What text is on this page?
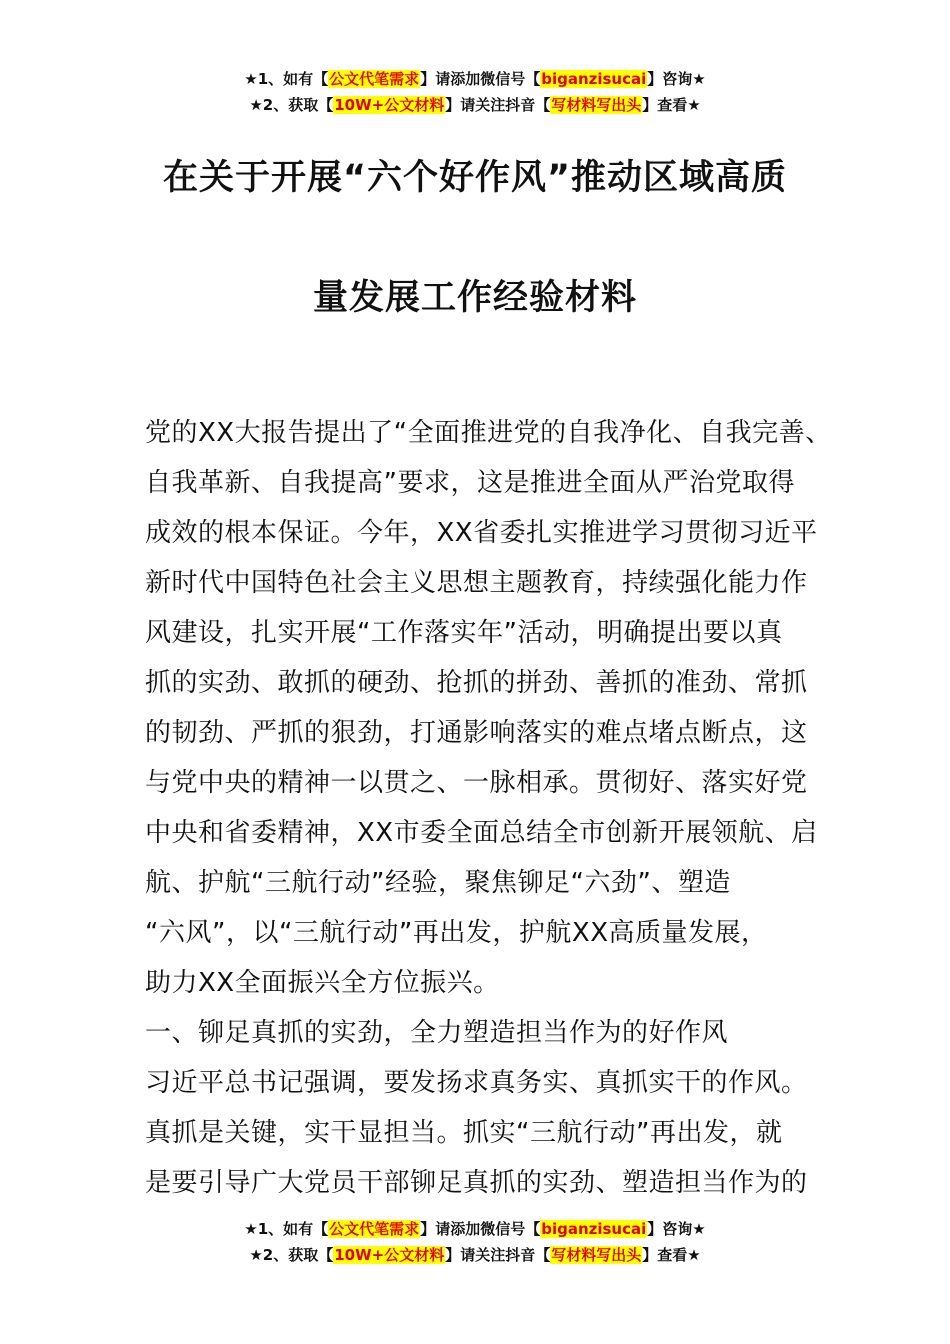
★1、如有【公文代笔需求】请添加微信号【biganzisucai】咨询★
★2、获取【10W+公文材料】请关注抖音【写材料写出头】查看★
在关于开展“六个好作风”推动区域高质
量发展工作经验材料

党的XX大报告提出了“全面推进党的自我净化、自我完善、

自我革新、自我提高”要求，这是推进全面从严治党取得

成效的根本保证。今年，XX省委扎实推进学习贯彻习近平

新时代中国特色社会主义思想主题教育，持续强化能力作

风建设，扎实开展“工作落实年”活动，明确提出要以真

抓的实劲、敢抓的硬劲、抢抓的拼劲、善抓的准劲、常抓

的韧劲、严抓的狠劲，打通影响落实的难点堵点断点，这

与党中央的精神一以贯之、一脉相承。贯彻好、落实好党

中央和省委精神，XX市委全面总结全市创新开展领航、启

航、护航“三航行动”经验，聚焦铆足“六劲”、塑造

“六风”，以“三航行动”再出发，护航XX高质量发展，

助力XX全面振兴全方位振兴。

一、铆足真抓的实劲，全力塑造担当作为的好作风

习近平总书记强调，要发扬求真务实、真抓实干的作风。

真抓是关键，实干显担当。抓实“三航行动”再出发，就

是要引导广大党员干部铆足真抓的实劲、塑造担当作为的

★1、如有【公文代笔需求】请添加微信号【biganzisucai】咨询★
★2、获取【10W+公文材料】请关注抖音【写材料写出头】查看★
